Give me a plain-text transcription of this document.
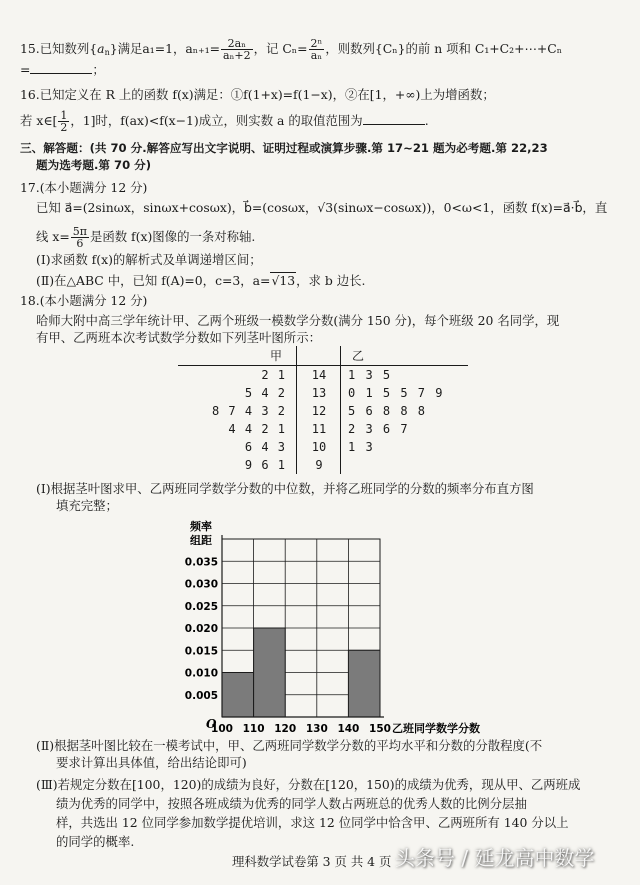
15.已知数列{an}满足a₁=1，$a_{n+1}= \frac{\text{2aₙ}}{\text{aₙ+2}}$ ，记 $C_n= \frac{\text{2ⁿ}}{\text{aₙ}}$ ，则数列{Cₙ}的前 n 项和 C₁+C₂+⋯+Cₙ
=	；
16.已知定义在 R 上的函数 f(x)满足：①f(1+x)=f(1−x)，②在[1，+∞)上为增函数；
若 x∈[ $\frac{1}{2}$ ，1]时，f(ax)<f(x−1)成立，则实数 a 的取值范围为	.
三、解答题：(共 70 分.解答应写出文字说明、证明过程或演算步骤.第 17~21 题为必考题.第 22,23
题为选考题.第 70 分)
17.(本小题满分 12 分)
已知 a⃗=(2sinωx，sinωx+cosωx)，b⃗=(cosωx，√3(sinωx−cosωx))，0<ω<1，函数 f(x)=a⃗·b⃗，直
线 $x= \frac{5\pi}{6}$ 是函数 f(x)图像的一条对称轴.
(Ⅰ)求函数 f(x)的解析式及单调递增区间；
(Ⅱ)在△ABC 中，已知 f(A)=0，c=3，a=√13，求 b 边长.
18.(本小题满分 12 分)
哈师大附中高三学年统计甲、乙两个班级一模数学分数(满分 150 分)，每个班级 20 名同学，现
有甲、乙两班本次考试数学分数如下列茎叶图所示：
甲	乙
2 1	14	1 3 5
5 4 2	13	0 1 5 5 7 9
8 7 4 3 2	12	5 6 8 8 8
4 4 2 1	11	2 3 6 7
6 4 3	10	1 3
9 6 1	9
(Ⅰ)根据茎叶图求甲、乙两班同学数学分数的中位数，并将乙班同学的分数的频率分布直方图
填充完整；
0.005
0.010
0.015
0.020
0.025
0.030
0.035
100 110 120 130 140 150 乙班同学数学分数
频率
组距
O
(Ⅱ)根据茎叶图比较在一模考试中，甲、乙两班同学数学分数的平均水平和分数的分散程度(不
要求计算出具体值，给出结论即可)
(Ⅲ)若规定分数在[100，120)的成绩为良好，分数在[120，150)的成绩为优秀，现从甲、乙两班成
绩为优秀的同学中，按照各班成绩为优秀的同学人数占两班总的优秀人数的比例分层抽
样，共选出 12 位同学参加数学提优培训，求这 12 位同学中恰含甲、乙两班所有 140 分以上
的同学的概率.
理科数学试卷第 3 页 共 4 页 头条号 / 延龙高中数学
